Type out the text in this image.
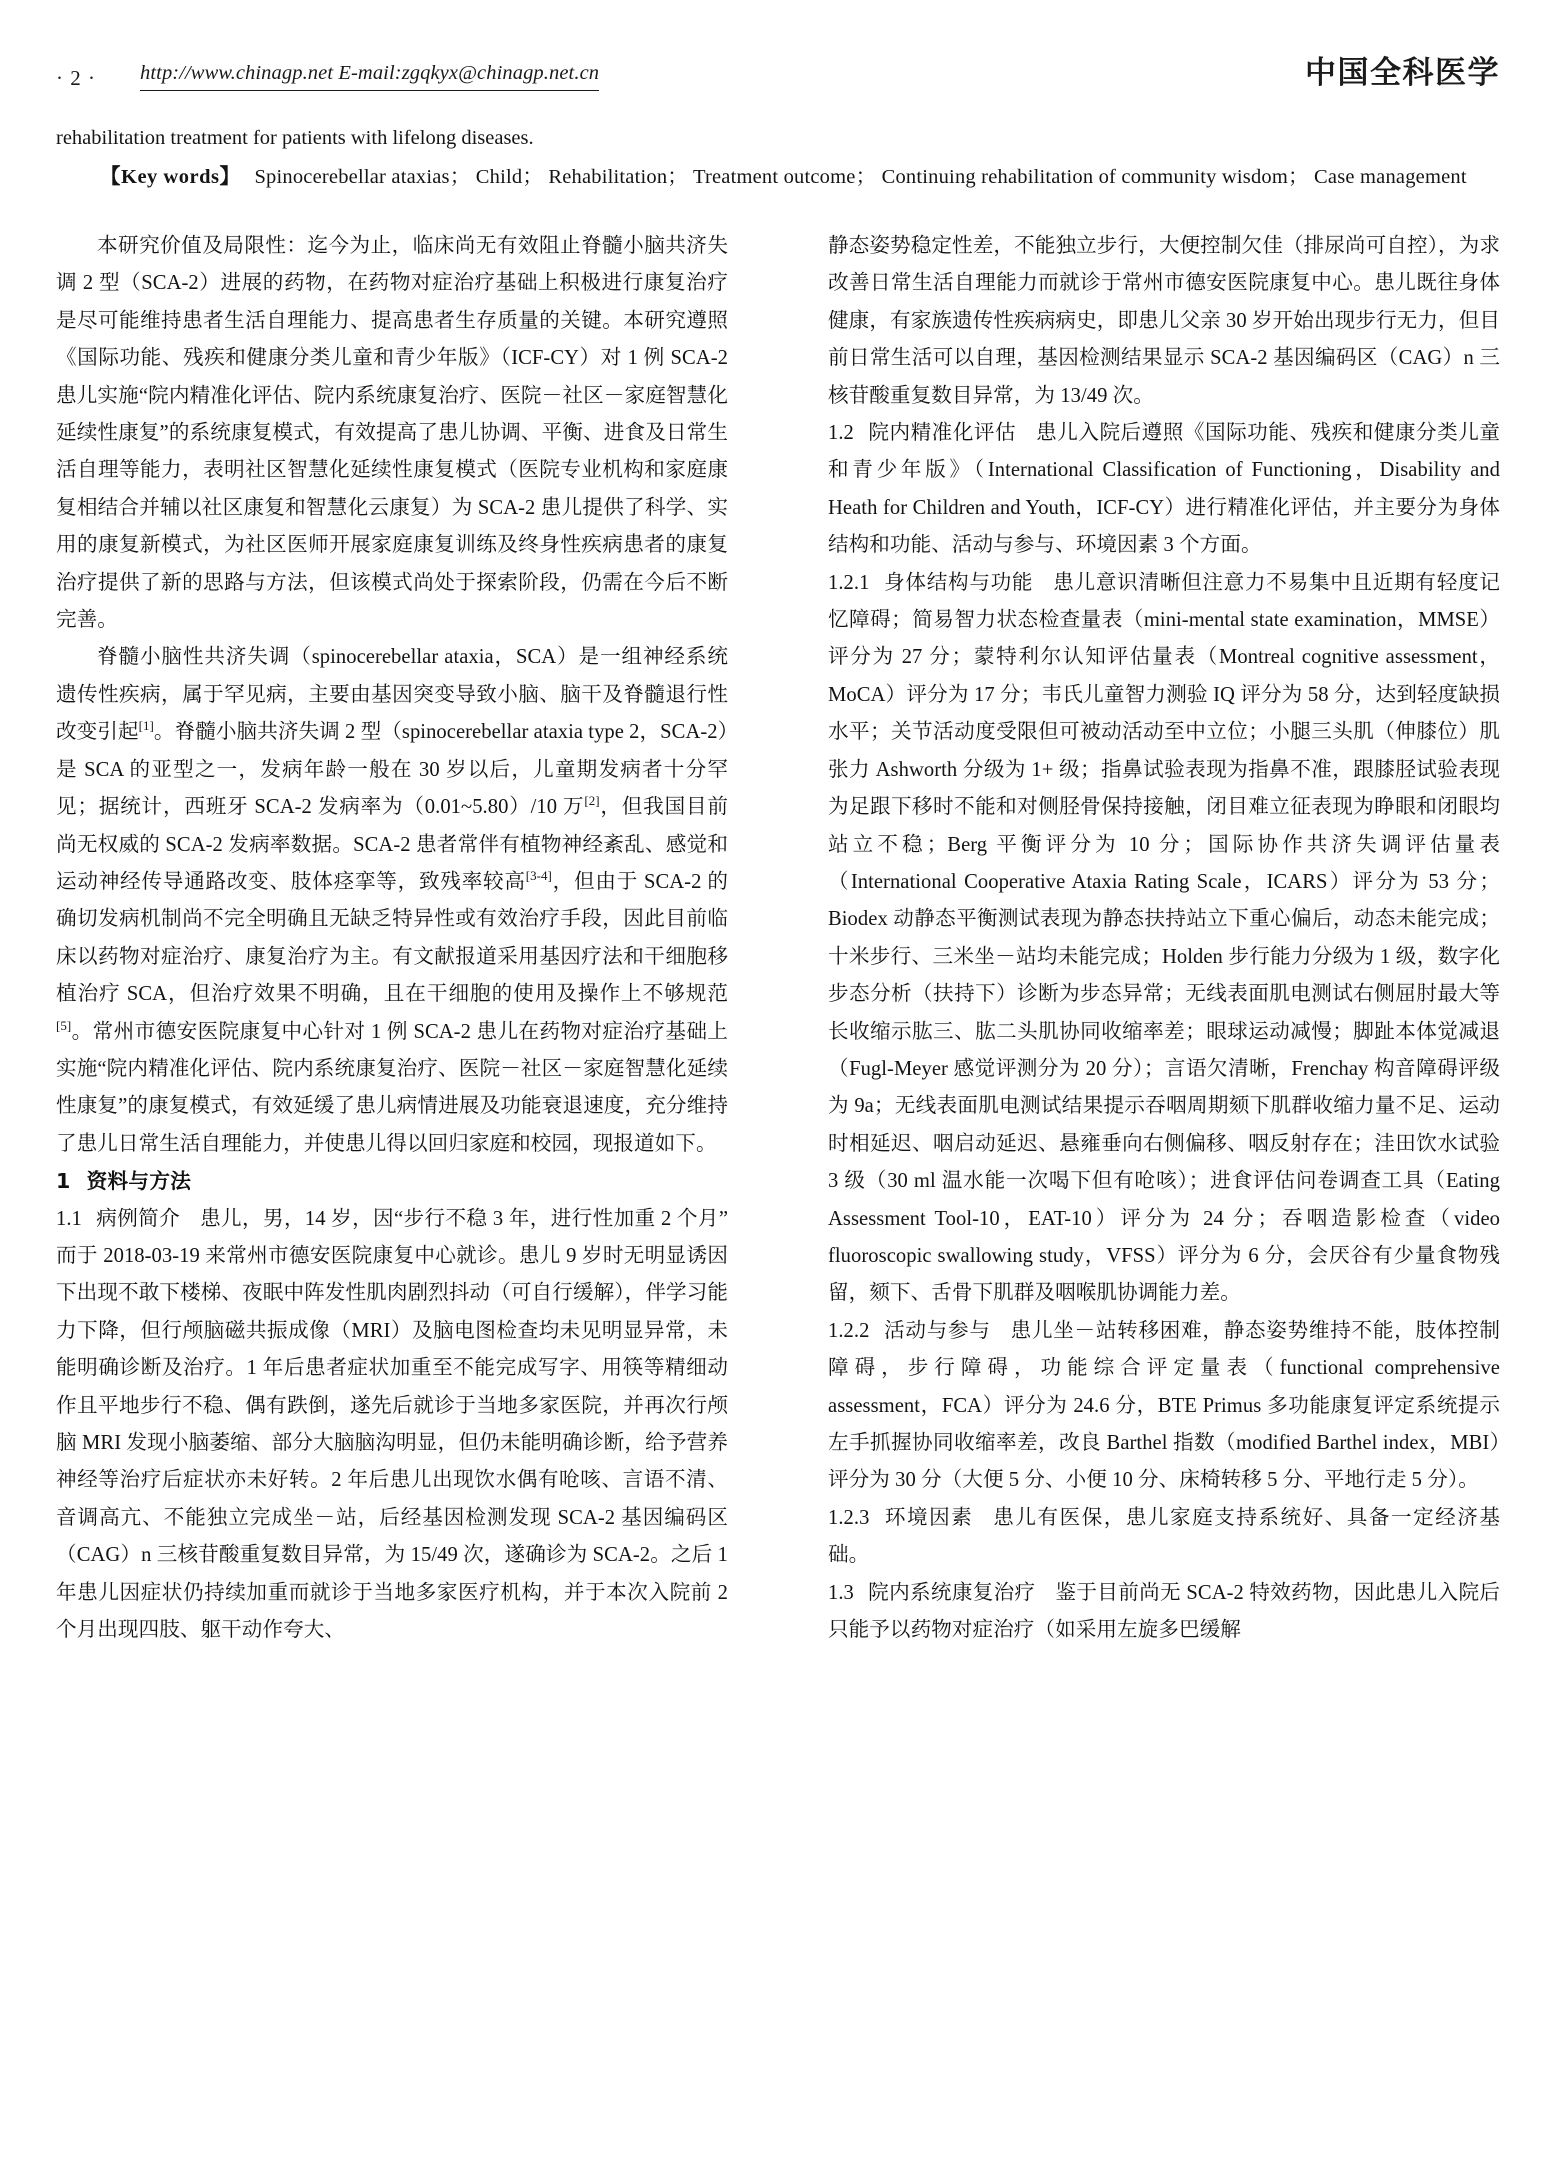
· 2 · http://www.chinagp.net E-mail:zgqkyx@chinagp.net.cn	中国全科医学
rehabilitation treatment for patients with lifelong diseases.
【Key words】 Spinocerebellar ataxias； Child； Rehabilitation； Treatment outcome； Continuing rehabilitation of community wisdom； Case management

本研究价值及局限性：迄今为止，临床尚无有效阻止脊髓小脑共济失调 2 型（SCA-2）进展的药物，在药物对症治疗基础上积极进行康复治疗是尽可能维持患者生活自理能力、提高患者生存质量的关键。本研究遵照《国际功能、残疾和健康分类儿童和青少年版》（ICF-CY）对 1 例 SCA-2 患儿实施“院内精准化评估、院内系统康复治疗、医院－社区－家庭智慧化延续性康复”的系统康复模式，有效提高了患儿协调、平衡、进食及日常生活自理等能力，表明社区智慧化延续性康复模式（医院专业机构和家庭康复相结合并辅以社区康复和智慧化云康复）为 SCA-2 患儿提供了科学、实用的康复新模式，为社区医师开展家庭康复训练及终身性疾病患者的康复治疗提供了新的思路与方法，但该模式尚处于探索阶段，仍需在今后不断完善。

脊髓小脑性共济失调（spinocerebellar ataxia，SCA）是一组神经系统遗传性疾病，属于罕见病，主要由基因突变导致小脑、脑干及脊髓退行性改变引起[1]。脊髓小脑共济失调 2 型（spinocerebellar ataxia type 2，SCA-2）是 SCA 的亚型之一，发病年龄一般在 30 岁以后，儿童期发病者十分罕见；据统计，西班牙 SCA-2 发病率为（0.01~5.80）/10 万[2]，但我国目前尚无权威的 SCA-2 发病率数据。SCA-2 患者常伴有植物神经紊乱、感觉和运动神经传导通路改变、肢体痉挛等，致残率较高[3-4]，但由于 SCA-2 的确切发病机制尚不完全明确且无缺乏特异性或有效治疗手段，因此目前临床以药物对症治疗、康复治疗为主。有文献报道采用基因疗法和干细胞移植治疗 SCA，但治疗效果不明确，且在干细胞的使用及操作上不够规范[5]。常州市德安医院康复中心针对 1 例 SCA-2 患儿在药物对症治疗基础上实施“院内精准化评估、院内系统康复治疗、医院－社区－家庭智慧化延续性康复”的康复模式，有效延缓了患儿病情进展及功能衰退速度，充分维持了患儿日常生活自理能力，并使患儿得以回归家庭和校园，现报道如下。

1 资料与方法

1.1 病例简介 患儿，男，14 岁，因“步行不稳 3 年，进行性加重 2 个月”而于 2018-03-19 来常州市德安医院康复中心就诊。患儿 9 岁时无明显诱因下出现不敢下楼梯、夜眠中阵发性肌肉剧烈抖动（可自行缓解），伴学习能力下降，但行颅脑磁共振成像（MRI）及脑电图检查均未见明显异常，未能明确诊断及治疗。1 年后患者症状加重至不能完成写字、用筷等精细动作且平地步行不稳、偶有跌倒，遂先后就诊于当地多家医院，并再次行颅脑 MRI 发现小脑萎缩、部分大脑脑沟明显，但仍未能明确诊断，给予营养神经等治疗后症状亦未好转。2 年后患儿出现饮水偶有呛咳、言语不清、音调高亢、不能独立完成坐－站，后经基因检测发现 SCA-2 基因编码区（CAG）n 三核苷酸重复数目异常，为 15/49 次，遂确诊为 SCA-2。之后 1 年患儿因症状仍持续加重而就诊于当地多家医疗机构，并于本次入院前 2 个月出现四肢、躯干动作夸大、

静态姿势稳定性差，不能独立步行，大便控制欠佳（排尿尚可自控），为求改善日常生活自理能力而就诊于常州市德安医院康复中心。患儿既往身体健康，有家族遗传性疾病病史，即患儿父亲 30 岁开始出现步行无力，但目前日常生活可以自理，基因检测结果显示 SCA-2 基因编码区（CAG）n 三核苷酸重复数目异常，为 13/49 次。

1.2 院内精准化评估 患儿入院后遵照《国际功能、残疾和健康分类儿童和青少年版》（International Classification of Functioning，Disability and Heath for Children and Youth，ICF-CY）进行精准化评估，并主要分为身体结构和功能、活动与参与、环境因素 3 个方面。

1.2.1 身体结构与功能 患儿意识清晰但注意力不易集中且近期有轻度记忆障碍；简易智力状态检查量表（mini-mental state examination，MMSE）评分为 27 分；蒙特利尔认知评估量表（Montreal cognitive assessment，MoCA）评分为 17 分；韦氏儿童智力测验 IQ 评分为 58 分，达到轻度缺损水平；关节活动度受限但可被动活动至中立位；小腿三头肌（伸膝位）肌张力 Ashworth 分级为 1+ 级；指鼻试验表现为指鼻不准，跟膝胫试验表现为足跟下移时不能和对侧胫骨保持接触，闭目难立征表现为睁眼和闭眼均站立不稳；Berg 平衡评分为 10 分；国际协作共济失调评估量表（International Cooperative Ataxia Rating Scale，ICARS）评分为 53 分；Biodex 动静态平衡测试表现为静态扶持站立下重心偏后，动态未能完成；十米步行、三米坐－站均未能完成；Holden 步行能力分级为 1 级，数字化步态分析（扶持下）诊断为步态异常；无线表面肌电测试右侧屈肘最大等长收缩示肱三、肱二头肌协同收缩率差；眼球运动减慢；脚趾本体觉减退（Fugl-Meyer 感觉评测分为 20 分）；言语欠清晰，Frenchay 构音障碍评级为 9a；无线表面肌电测试结果提示吞咽周期颏下肌群收缩力量不足、运动时相延迟、咽启动延迟、悬雍垂向右侧偏移、咽反射存在；洼田饮水试验 3 级（30 ml 温水能一次喝下但有呛咳）；进食评估问卷调查工具（Eating Assessment Tool-10，EAT-10）评分为 24 分；吞咽造影检查（video fluoroscopic swallowing study，VFSS）评分为 6 分，会厌谷有少量食物残留，颏下、舌骨下肌群及咽喉肌协调能力差。

1.2.2 活动与参与 患儿坐－站转移困难，静态姿势维持不能，肢体控制障碍，步行障碍，功能综合评定量表（functional comprehensive assessment，FCA）评分为 24.6 分，BTE Primus 多功能康复评定系统提示左手抓握协同收缩率差，改良 Barthel 指数（modified Barthel index，MBI）评分为 30 分（大便 5 分、小便 10 分、床椅转移 5 分、平地行走 5 分）。

1.2.3 环境因素 患儿有医保，患儿家庭支持系统好、具备一定经济基础。

1.3 院内系统康复治疗 鉴于目前尚无 SCA-2 特效药物，因此患儿入院后只能予以药物对症治疗（如采用左旋多巴缓解
